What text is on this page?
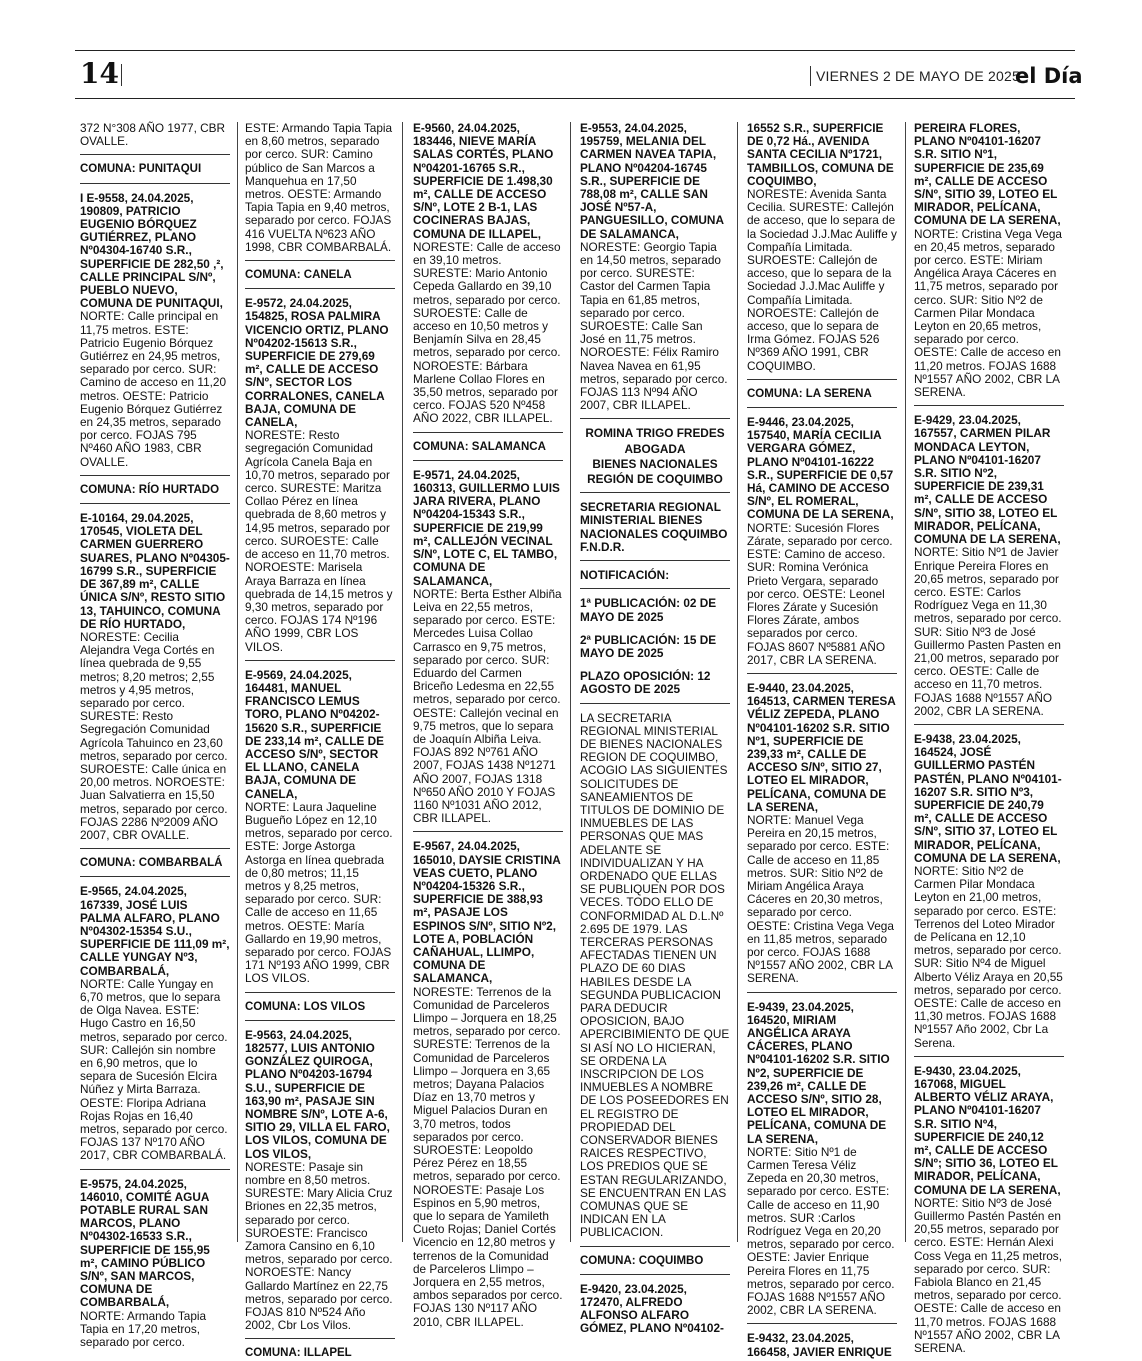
14	VIERNES 2 DE MAYO DE 2025
el Día
372 N°308 AÑO 1977, CBR OVALLE.
COMUNA: PUNITAQUI
I E-9558, 24.04.2025, 190809, PATRICIO EUGENIO BÓRQUEZ GUTIÉRREZ, PLANO Nº04304-16740 S.R., SUPERFICIE DE 282,50 ,², CALLE PRINCIPAL S/Nº, PUEBLO NUEVO, COMUNA DE PUNITAQUI,
NORTE: Calle principal en 11,75 metros. ESTE: Patricio Eugenio Bórquez Gutiérrez en 24,95 metros, separado por cerco. SUR: Camino de acceso en 11,20 metros. OESTE: Patricio Eugenio Bórquez Gutiérrez en 24,35 metros, separado por cerco. FOJAS 795 Nº460 AÑO 1983, CBR OVALLE.
COMUNA: RÍO HURTADO
E-10164, 29.04.2025, 170545, VIOLETA DEL CARMEN GUERRERO SUARES, PLANO Nº04305-16799 S.R., SUPERFICIE DE 367,89 m², CALLE ÚNICA S/Nº, RESTO SITIO 13, TAHUINCO, COMUNA DE RÍO HURTADO,
NORESTE: Cecilia Alejandra Vega Cortés en línea quebrada de 9,55 metros; 8,20 metros; 2,55 metros y 4,95 metros, separado por cerco. SURESTE: Resto Segregación Comunidad Agrícola Tahuinco en 23,60 metros, separado por cerco. SUROESTE: Calle única en 20,00 metros. NOROESTE: Juan Salvatierra en 15,50 metros, separado por cerco. FOJAS 2286 Nº2009 AÑO 2007, CBR OVALLE.
COMUNA: COMBARBALÁ
E-9565, 24.04.2025, 167339, JOSÉ LUIS PALMA ALFARO, PLANO Nº04302-15354 S.U., SUPERFICIE DE 111,09 m², CALLE YUNGAY Nº3, COMBARBALÁ,
NORTE: Calle Yungay en 6,70 metros, que lo separa de Olga Navea. ESTE: Hugo Castro en 16,50 metros, separado por cerco. SUR: Callejón sin nombre en 6,90 metros, que lo separa de Sucesión Elcira Núñez y Mirta Barraza. OESTE: Floripa Adriana Rojas Rojas en 16,40 metros, separado por cerco. FOJAS 137 Nº170 AÑO 2017, CBR COMBARBALÁ.
E-9575, 24.04.2025, 146010, COMITÉ AGUA POTABLE RURAL SAN MARCOS, PLANO Nº04302-16533 S.R., SUPERFICIE DE 155,95 m², CAMINO PÚBLICO S/Nº, SAN MARCOS, COMUNA DE COMBARBALÁ,
NORTE: Armando Tapia Tapia en 17,20 metros, separado por cerco.
ESTE: Armando Tapia Tapia en 8,60 metros, separado por cerco. SUR: Camino público de San Marcos a Manquehua en 17,50 metros. OESTE: Armando Tapia Tapia en 9,40 metros, separado por cerco. FOJAS 416 VUELTA Nº623 AÑO 1998, CBR COMBARBALÁ.
COMUNA: CANELA
E-9572, 24.04.2025, 154825, ROSA PALMIRA VICENCIO ORTIZ, PLANO Nº04202-15613 S.R., SUPERFICIE DE 279,69 m², CALLE DE ACCESO S/Nº, SECTOR LOS CORRALONES, CANELA BAJA, COMUNA DE CANELA,
NORESTE: Resto segregación Comunidad Agrícola Canela Baja en 10,70 metros, separado por cerco. SURESTE: Maritza Collao Pérez en línea quebrada de 8,60 metros y 14,95 metros, separado por cerco. SUROESTE: Calle de acceso en 11,70 metros. NOROESTE: Marisela Araya Barraza en línea quebrada de 14,15 metros y 9,30 metros, separado por cerco. FOJAS 174 Nº196 AÑO 1999, CBR LOS VILOS.
E-9569, 24.04.2025, 164481, MANUEL FRANCISCO LEMUS TORO, PLANO Nº04202-15620 S.R., SUPERFICIE DE 233,14 m², CALLE DE ACCESO S/Nº, SECTOR EL LLANO, CANELA BAJA, COMUNA DE CANELA,
NORTE: Laura Jaqueline Bugueño López en 12,10 metros, separado por cerco. ESTE: Jorge Astorga Astorga en línea quebrada de 0,80 metros; 11,15 metros y 8,25 metros, separado por cerco. SUR: Calle de acceso en 11,65 metros. OESTE: María Gallardo en 19,90 metros, separado por cerco. FOJAS 171 Nº193 AÑO 1999, CBR LOS VILOS.
COMUNA: LOS VILOS
E-9563, 24.04.2025, 182577, LUIS ANTONIO GONZÁLEZ QUIROGA, PLANO Nº04203-16794 S.U., SUPERFICIE DE 163,90 m², PASAJE SIN NOMBRE S/Nº, LOTE A-6, SITIO 29, VILLA EL FARO, LOS VILOS, COMUNA DE LOS VILOS,
NORESTE: Pasaje sin nombre en 8,50 metros. SURESTE: Mary Alicia Cruz Briones en 22,35 metros, separado por cerco. SUROESTE: Francisco Zamora Cansino en 6,10 metros, separado por cerco. NOROESTE: Nancy Gallardo Martínez en 22,75 metros, separado por cerco. FOJAS 810 Nº524 Año 2002, Cbr Los Vilos.
COMUNA: ILLAPEL
E-9560, 24.04.2025, 183446, NIEVE MARÍA SALAS CORTÉS, PLANO Nº04201-16765 S.R., SUPERFICIE DE 1.498,30 m², CALLE DE ACCESO S/Nº, LOTE 2 B-1, LAS COCINERAS BAJAS, COMUNA DE ILLAPEL,
NORESTE: Calle de acceso en 39,10 metros. SURESTE: Mario Antonio Cepeda Gallardo en 39,10 metros, separado por cerco. SUROESTE: Calle de acceso en 10,50 metros y Benjamín Silva en 28,45 metros, separado por cerco. NOROESTE: Bárbara Marlene Collao Flores en 35,50 metros, separado por cerco. FOJAS 520 Nº458 AÑO 2022, CBR ILLAPEL.
COMUNA: SALAMANCA
E-9571, 24.04.2025, 160313, GUILLERMO LUIS JARA RIVERA, PLANO Nº04204-15343 S.R., SUPERFICIE DE 219,99 m², CALLEJÓN VECINAL S/Nº, LOTE C, EL TAMBO, COMUNA DE SALAMANCA,
NORTE: Berta Esther Albiña Leiva en 22,55 metros, separado por cerco. ESTE: Mercedes Luisa Collao Carrasco en 9,75 metros, separado por cerco. SUR: Eduardo del Carmen Briceño Ledesma en 22,55 metros, separado por cerco. OESTE: Callejón vecinal en 9,75 metros, que lo separa de Joaquín Albiña Leiva. FOJAS 892 Nº761 AÑO 2007, FOJAS 1438 Nº1271 AÑO 2007, FOJAS 1318 Nº650 AÑO 2010 Y FOJAS 1160 Nº1031 AÑO 2012, CBR ILLAPEL.
E-9567, 24.04.2025, 165010, DAYSIE CRISTINA VEAS CUETO, PLANO Nº04204-15326 S.R., SUPERFICIE DE 388,93 m², PASAJE LOS ESPINOS S/Nº, SITIO Nº2, LOTE A, POBLACIÓN CAÑAHUAL, LLIMPO, COMUNA DE SALAMANCA,
NORESTE: Terrenos de la Comunidad de Parceleros Llimpo – Jorquera en 18,25 metros, separado por cerco. SURESTE: Terrenos de la Comunidad de Parceleros Llimpo – Jorquera en 3,65 metros; Dayana Palacios Díaz en 13,70 metros y Miguel Palacios Duran en 3,70 metros, todos separados por cerco. SUROESTE: Leopoldo Pérez Pérez en 18,55 metros, separado por cerco. NOROESTE: Pasaje Los Espinos en 5,90 metros, que lo separa de Yamileth Cueto Rojas; Daniel Cortés Vicencio en 12,80 metros y terrenos de la Comunidad de Parceleros Llimpo – Jorquera en 2,55 metros, ambos separados por cerco. FOJAS 130 Nº117 AÑO 2010, CBR ILLAPEL.
E-9553, 24.04.2025, 195759, MELANIA DEL CARMEN NAVEA TAPIA, PLANO Nº04204-16745 S.R., SUPERFICIE DE 788,08 m², CALLE SAN JOSÉ Nº57-A, PANGUESILLO, COMUNA DE SALAMANCA,
NORESTE: Georgio Tapia en 14,50 metros, separado por cerco. SURESTE: Castor del Carmen Tapia Tapia en 61,85 metros, separado por cerco. SUROESTE: Calle San José en 11,75 metros. NOROESTE: Félix Ramiro Navea Navea en 61,95 metros, separado por cerco. FOJAS 113 Nº94 AÑO 2007, CBR ILLAPEL.
ROMINA TRIGO FREDES
ABOGADA
BIENES NACIONALES
REGIÓN DE COQUIMBO
SECRETARIA REGIONAL MINISTERIAL BIENES NACIONALES COQUIMBO F.N.D.R.
NOTIFICACIÓN:
1ª PUBLICACIÓN: 02 DE MAYO DE 2025
2ª PUBLICACIÓN: 15 DE MAYO DE 2025
PLAZO OPOSICIÓN: 12 AGOSTO DE 2025
LA SECRETARIA REGIONAL MINISTERIAL DE BIENES NACIONALES REGION DE COQUIMBO, ACOGIO LAS SIGUIENTES SOLICITUDES DE SANEAMIENTOS DE TITULOS DE DOMINIO DE INMUEBLES DE LAS PERSONAS QUE MAS ADELANTE SE INDIVIDUALIZAN Y HA ORDENADO QUE ELLAS SE PUBLIQUEN POR DOS VECES. TODO ELLO DE CONFORMIDAD AL D.L.Nº 2.695 DE 1979. LAS TERCERAS PERSONAS AFECTADAS TIENEN UN PLAZO DE 60 DIAS HABILES DESDE LA SEGUNDA PUBLICACION PARA DEDUCIR OPOSICION, BAJO APERCIBIMIENTO DE QUE SI ASÍ NO LO HICIERAN, SE ORDENA LA INSCRIPCION DE LOS INMUEBLES A NOMBRE DE LOS POSEEDORES EN EL REGISTRO DE PROPIEDAD DEL CONSERVADOR BIENES RAICES RESPECTIVO, LOS PREDIOS QUE SE ESTAN REGULARIZANDO, SE ENCUENTRAN EN LAS COMUNAS QUE SE INDICAN EN LA PUBLICACION.
COMUNA: COQUIMBO
E-9420, 23.04.2025, 172470, ALFREDO ALFONSO ALFARO GÓMEZ, PLANO Nº04102-
16552 S.R., SUPERFICIE DE 0,72 Há., AVENIDA SANTA CECILIA Nº1721, TAMBILLOS, COMUNA DE COQUIMBO,
NORESTE: Avenida Santa Cecilia. SURESTE: Callejón de acceso, que lo separa de la Sociedad J.J.Mac Auliffe y Compañía Limitada. SUROESTE: Callejón de acceso, que lo separa de la Sociedad J.J.Mac Auliffe y Compañía Limitada. NOROESTE: Callejón de acceso, que lo separa de Irma Gómez. FOJAS 526 Nº369 AÑO 1991, CBR COQUIMBO.
COMUNA: LA SERENA
E-9446, 23.04.2025, 157540, MARÍA CECILIA VERGARA GÓMEZ, PLANO Nº04101-16222 S.R., SUPERFICIE DE 0,57 Há, CAMINO DE ACCESO S/Nº, EL ROMERAL, COMUNA DE LA SERENA,
NORTE: Sucesión Flores Zárate, separado por cerco. ESTE: Camino de acceso. SUR: Romina Verónica Prieto Vergara, separado por cerco. OESTE: Leonel Flores Zárate y Sucesión Flores Zárate, ambos separados por cerco. FOJAS 8607 Nº5881 AÑO 2017, CBR LA SERENA.
E-9440, 23.04.2025, 164513, CARMEN TERESA VÉLIZ ZEPEDA, PLANO Nº04101-16202 S.R. SITIO Nº1, SUPERFICIE DE 239,33 m², CALLE DE ACCESO S/Nº, SITIO 27, LOTEO EL MIRADOR, PELÍCANA, COMUNA DE LA SERENA,
NORTE: Manuel Vega Pereira en 20,15 metros, separado por cerco. ESTE: Calle de acceso en 11,85 metros. SUR: Sitio Nº2 de Miriam Angélica Araya Cáceres en 20,30 metros, separado por cerco. OESTE: Cristina Vega Vega en 11,85 metros, separado por cerco. FOJAS 1688 Nº1557 AÑO 2002, CBR LA SERENA.
E-9439, 23.04.2025, 164520, MIRIAM ANGÉLICA ARAYA CÁCERES, PLANO Nº04101-16202 S.R. SITIO Nº2, SUPERFICIE DE 239,26 m², CALLE DE ACCESO S/Nº, SITIO 28, LOTEO EL MIRADOR, PELÍCANA, COMUNA DE LA SERENA,
NORTE: Sitio Nº1 de Carmen Teresa Véliz Zepeda en 20,30 metros, separado por cerco. ESTE: Calle de acceso en 11,90 metros. SUR :Carlos Rodríguez Vega en 20,20 metros, separado por cerco. OESTE: Javier Enrique Pereira Flores en 11,75 metros, separado por cerco. FOJAS 1688 Nº1557 AÑO 2002, CBR LA SERENA.
E-9432, 23.04.2025, 166458, JAVIER ENRIQUE
PEREIRA FLORES, PLANO Nº04101-16207 S.R. SITIO Nº1, SUPERFICIE DE 235,69 m², CALLE DE ACCESO S/Nº, SITIO 39, LOTEO EL MIRADOR, PELÍCANA, COMUNA DE LA SERENA,
NORTE: Cristina Vega Vega en 20,45 metros, separado por cerco. ESTE: Miriam Angélica Araya Cáceres en 11,75 metros, separado por cerco. SUR: Sitio Nº2 de Carmen Pilar Mondaca Leyton en 20,65 metros, separado por cerco. OESTE: Calle de acceso en 11,20 metros. FOJAS 1688 Nº1557 AÑO 2002, CBR LA SERENA.
E-9429, 23.04.2025, 167557, CARMEN PILAR MONDACA LEYTON, PLANO Nº04101-16207 S.R. SITIO Nº2, SUPERFICIE DE 239,31 m², CALLE DE ACCESO S/Nº, SITIO 38, LOTEO EL MIRADOR, PELÍCANA, COMUNA DE LA SERENA,
NORTE: Sitio Nº1 de Javier Enrique Pereira Flores en 20,65 metros, separado por cerco. ESTE: Carlos Rodríguez Vega en 11,30 metros, separado por cerco. SUR: Sitio Nº3 de José Guillermo Pasten Pasten en 21,00 metros, separado por cerco. OESTE: Calle de acceso en 11,70 metros. FOJAS 1688 Nº1557 AÑO 2002, CBR LA SERENA.
E-9438, 23.04.2025, 164524, JOSÉ GUILLERMO PASTÉN PASTÉN, PLANO Nº04101-16207 S.R. SITIO Nº3, SUPERFICIE DE 240,79 m², CALLE DE ACCESO S/Nº, SITIO 37, LOTEO EL MIRADOR, PELÍCANA, COMUNA DE LA SERENA,
NORTE: Sitio Nº2 de Carmen Pilar Mondaca Leyton en 21,00 metros, separado por cerco. ESTE: Terrenos del Loteo Mirador de Pelícana en 12,10 metros, separado por cerco. SUR: Sitio Nº4 de Miguel Alberto Véliz Araya en 20,55 metros, separado por cerco. OESTE: Calle de acceso en 11,30 metros. FOJAS 1688 Nº1557 Año 2002, Cbr La Serena.
E-9430, 23.04.2025, 167068, MIGUEL ALBERTO VÉLIZ ARAYA, PLANO Nº04101-16207 S.R. SITIO Nº4, SUPERFICIE DE 240,12 m², CALLE DE ACCESO S/Nº; SITIO 36, LOTEO EL MIRADOR, PELÍCANA, COMUNA DE LA SERENA,
NORTE: Sitio Nº3 de José Guillermo Pastén Pastén en 20,55 metros, separado por cerco. ESTE: Hernán Alexi Coss Vega en 11,25 metros, separado por cerco. SUR: Fabiola Blanco en 21,45 metros, separado por cerco. OESTE: Calle de acceso en 11,70 metros. FOJAS 1688 Nº1557 AÑO 2002, CBR LA SERENA.
